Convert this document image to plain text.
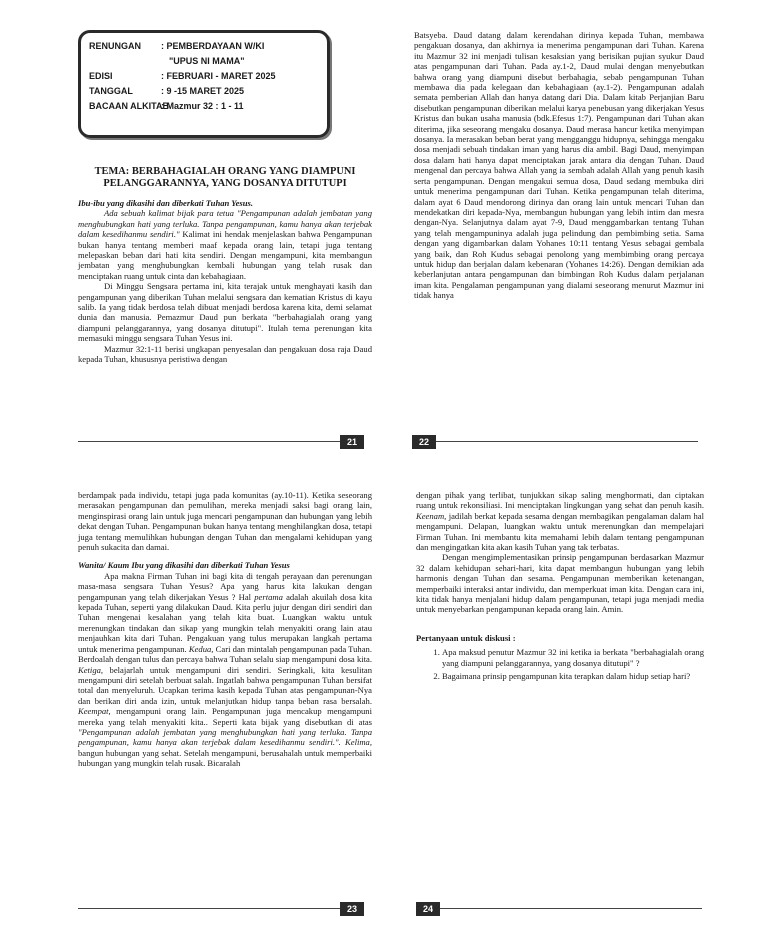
RENUNGAN	: PEMBERDAYAAN W/KI
"UPUS NI MAMA"
EDISI	: FEBRUARI - MARET 2025
TANGGAL	: 9 -15 MARET 2025
BACAAN ALKITAB
: Mazmur 32 : 1 - 11
TEMA: BERBAHAGIALAH ORANG YANG DIAMPUNI PELANGGARANNYA, YANG DOSANYA DITUTUPI

Ibu-ibu yang dikasihi dan diberkati Tuhan Yesus.

Ada sebuah kalimat bijak para tetua "Pengampunan adalah jembatan yang menghubungkan hati yang terluka. Tanpa pengampunan, kamu hanya akan terjebak dalam kesedihanmu sendiri." Kalimat ini hendak menjelaskan bahwa Pengampunan bukan hanya tentang memberi maaf kepada orang lain, tetapi juga tentang melepaskan beban dari hati kita sendiri. Dengan mengampuni, kita membangun jembatan yang menghubungkan kembali hubungan yang telah rusak dan menciptakan ruang untuk cinta dan kebahagiaan.

Di Minggu Sengsara pertama ini, kita terajak untuk menghayati kasih dan pengampunan yang diberikan Tuhan melalui sengsara dan kematian Kristus di kayu salib. Ia yang tidak berdosa telah dibuat menjadi berdosa karena kita, demi selamat dunia dan manusia. Pemazmur Daud pun berkata "berbahagialah orang yang diampuni pelanggarannya, yang dosanya ditutupi". Itulah tema perenungan kita memasuki minggu sengsara Tuhan Yesus ini.

Mazmur 32:1-11 berisi ungkapan penyesalan dan pengakuan dosa raja Daud kepada Tuhan, khususnya peristiwa dengan

21

Batsyeba. Daud datang dalam kerendahan dirinya kepada Tuhan, membawa pengakuan dosanya, dan akhirnya ia menerima pengampunan dari Tuhan. Karena itu Mazmur 32 ini menjadi tulisan kesaksian yang berisikan pujian syukur Daud atas pengampunan dari Tuhan. Pada ay.1-2, Daud mulai dengan menyebutkan bahwa orang yang diampuni disebut berbahagia, sebab pengampunan Tuhan membawa dia pada kelegaan dan kebahagiaan (ay.1-2). Pengampunan adalah semata pemberian Allah dan hanya datang dari Dia. Dalam kitab Perjanjian Baru disebutkan pengampunan diberikan melalui karya penebusan yang dikerjakan Yesus Kristus dan bukan usaha manusia (bdk.Efesus 1:7). Pengampunan dari Tuhan akan diterima, jika seseorang mengaku dosanya. Daud merasa hancur ketika menyimpan dosanya. Ia merasakan beban berat yang mengganggu hidupnya, sehingga mengaku dosa menjadi sebuah tindakan iman yang harus dia ambil. Bagi Daud, menyimpan dosa dalam hati hanya dapat menciptakan jarak antara dia dengan Tuhan. Daud mengenal dan percaya bahwa Allah yang ia sembah adalah Allah yang penuh kasih serta pengampunan. Dengan mengakui semua dosa, Daud sedang membuka diri untuk menerima pengampunan dari Tuhan. Ketika pengampunan telah diterima, dalam ayat 6 Daud mendorong dirinya dan orang lain untuk mencari Tuhan dan mendekatkan diri kepada-Nya, membangun hubungan yang lebih intim dan mesra dengan-Nya. Selanjutnya dalam ayat 7-9, Daud menggambarkan tentang Tuhan yang telah mengampuninya adalah juga pelindung dan pembimbing setia. Sama dengan yang digambarkan dalam Yohanes 10:11 tentang Yesus sebagai gembala yang baik, dan Roh Kudus sebagai penolong yang membimbing orang percaya untuk hidup dan berjalan dalam kebenaran (Yohanes 14:26). Dengan demikian ada keberlanjutan antara pengampunan dan bimbingan Roh Kudus dalam perjalanan iman kita. Pengalaman pengampunan yang dialami seseorang menurut Mazmur ini tidak hanya

22

berdampak pada individu, tetapi juga pada komunitas (ay.10-11). Ketika seseorang merasakan pengampunan dan pemulihan, mereka menjadi saksi bagi orang lain, menginspirasi orang lain untuk juga mencari pengampunan dan hubungan yang lebih dekat dengan Tuhan. Pengampunan bukan hanya tentang menghilangkan dosa, tetapi juga tentang memulihkan hubungan dengan Tuhan dan mengalami kehidupan yang penuh sukacita dan damai.

Wanita/ Kaum Ibu yang dikasihi dan diberkati Tuhan Yesus

Apa makna Firman Tuhan ini bagi kita di tengah perayaan dan perenungan masa-masa sengsara Tuhan Yesus? Apa yang harus kita lakukan dengan pengampunan yang telah dikerjakan Yesus ? Hal pertama adalah akuilah dosa kita kepada Tuhan, seperti yang dilakukan Daud. Kita perlu jujur dengan diri sendiri dan Tuhan mengenai kesalahan yang telah kita buat. Luangkan waktu untuk merenungkan tindakan dan sikap yang mungkin telah menyakiti orang lain atau menjauhkan kita dari Tuhan. Pengakuan yang tulus merupakan langkah pertama untuk menerima pengampunan. Kedua, Cari dan mintalah pengampunan pada Tuhan. Berdoalah dengan tulus dan percaya bahwa Tuhan selalu siap mengampuni dosa kita. Ketiga, belajarlah untuk mengampuni diri sendiri. Seringkali, kita kesulitan mengampuni diri setelah berbuat salah. Ingatlah bahwa pengampunan Tuhan bersifat total dan menyeluruh. Ucapkan terima kasih kepada Tuhan atas pengampunan-Nya dan berikan diri anda izin, untuk melanjutkan hidup tanpa beban rasa bersalah. Keempat, mengampuni orang lain. Pengampunan juga mencakup mengampuni mereka yang telah menyakiti kita.. Seperti kata bijak yang disebutkan di atas "Pengampunan adalah jembatan yang menghubungkan hati yang terluka. Tanpa pengampunan, kamu hanya akan terjebak dalam kesedihanmu sendiri.". Kelima, bangun hubungan yang sehat. Setelah mengampuni, berusahalah untuk memperbaiki hubungan yang mungkin telah rusak. Bicaralah

23

dengan pihak yang terlibat, tunjukkan sikap saling menghormati, dan ciptakan ruang untuk rekonsiliasi. Ini menciptakan lingkungan yang sehat dan penuh kasih. Keenam, jadilah berkat kepada sesama dengan membagikan pengalaman dalam hal mengampuni. Delapan, luangkan waktu untuk merenungkan dan mempelajari Firman Tuhan. Ini membantu kita memahami lebih dalam tentang pengampunan dan mengingatkan kita akan kasih Tuhan yang tak terbatas.

Dengan mengimplementasikan prinsip pengampunan berdasarkan Mazmur 32 dalam kehidupan sehari-hari, kita dapat membangun hubungan yang lebih harmonis dengan Tuhan dan sesama. Pengampunan memberikan ketenangan, memperbaiki interaksi antar individu, dan memperkuat iman kita. Dengan cara ini, kita tidak hanya menjalani hidup dalam pengampunan, tetapi juga menjadi media untuk menyebarkan pengampunan kepada orang lain. Amin.

Pertanyaan untuk diskusi :

1. Apa maksud penutur Mazmur 32 ini ketika ia berkata "berbahagialah orang yang diampuni pelanggarannya, yang dosanya ditutupi" ?
2. Bagaimana prinsip pengampunan kita terapkan dalam hidup setiap hari?
24
